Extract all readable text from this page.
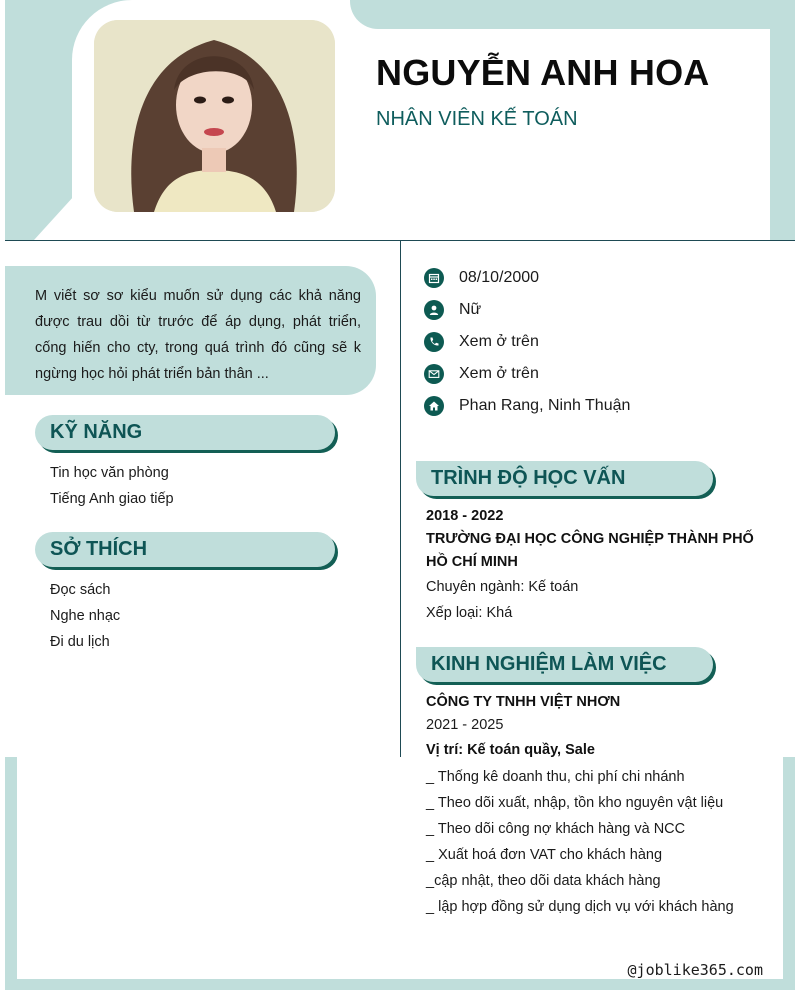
NGUYỄN ANH HOA
NHÂN VIÊN KẾ TOÁN

M viết sơ sơ kiểu muốn sử dụng các khả năng được trau dồi từ trước để áp dụng, phát triển, cống hiến cho cty, trong quá trình đó cũng sẽ k ngừng học hỏi phát triển bản thân ...

KỸ NĂNG
Tin học văn phòng
Tiếng Anh giao tiếp
SỞ THÍCH
Đọc sách
Nghe nhạc
Đi du lịch
08/10/2000
Nữ
Xem ở trên
Xem ở trên
Phan Rang, Ninh Thuận
TRÌNH ĐỘ HỌC VẤN
2018 - 2022
TRƯỜNG ĐẠI HỌC CÔNG NGHIỆP THÀNH PHỐ HỒ CHÍ MINH
Chuyên ngành: Kế toán
Xếp loại: Khá
KINH NGHIỆM LÀM VIỆC
CÔNG TY TNHH VIỆT NHƠN
2021 - 2025
Vị trí: Kế toán quầy, Sale
_ Thống kê doanh thu, chi phí chi nhánh
_ Theo dõi xuất, nhập, tồn kho nguyên vật liệu
_ Theo dõi công nợ khách hàng và NCC
_ Xuất hoá đơn VAT cho khách hàng
_cập nhật, theo dõi data khách hàng
_ lập hợp đồng sử dụng dịch vụ với khách hàng
@joblike365.com
